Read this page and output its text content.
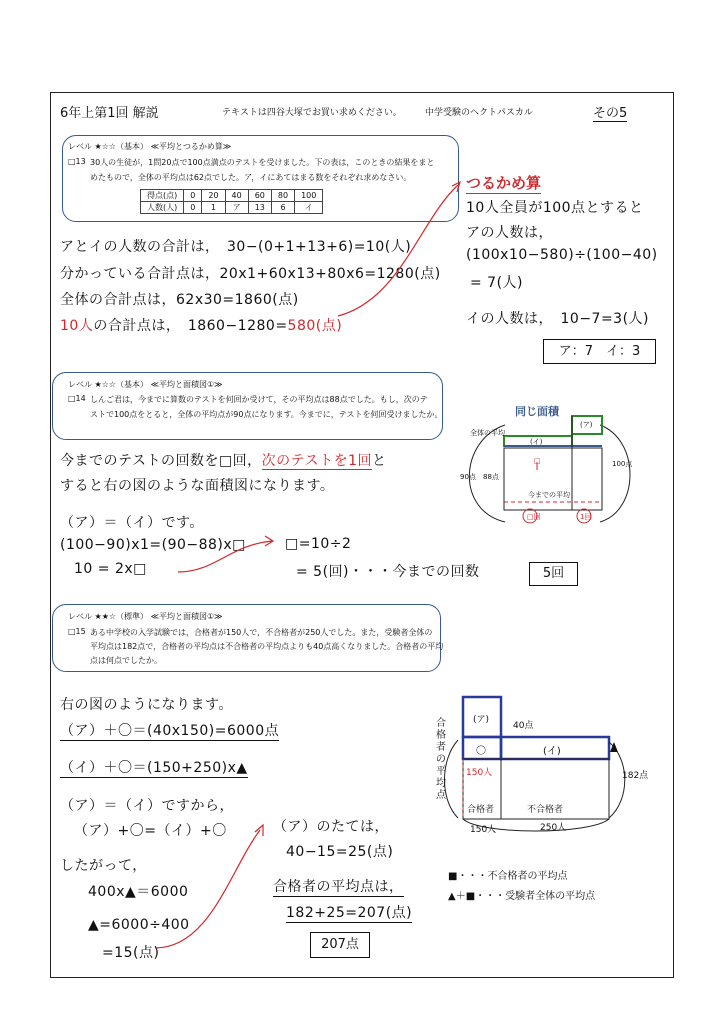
6年上第1回 解説	テキストは四谷大塚でお買い求めください。	中学受験のヘクトパスカル	その5
レベル ★☆☆（基本） ≪平均とつるかめ算≫
□13 30人の生徒が，1問20点で100点満点のテストを受けました。下の表は，このときの結果をまと
めたもので，全体の平均点は62点でした。ア，イにあてはまる数をそれぞれ求めなさい。
得点(点)	0	20	40	60	80	100
人数(人)	0	1	ア	13	6	イ
アとイの人数の合計は，　30−(0+1+13+6)=10(人)
分かっている合計点は，20x1+60x13+80x6=1280(点)
全体の合計点は，62x30=1860(点)
10人の合計点は，　1860−1280=580(点)
つるかめ算
10人全員が100点とすると
アの人数は，
(100x10−580)÷(100−40)
= 7(人)
イの人数は，　10−7=3(人)
ア：7　イ：3
レベル ★☆☆（基本） ≪平均と面積図①≫
□14 しんご君は，今までに算数のテストを何回か受けて，その平均点は88点でした。もし，次のテ
ストで100点をとると，全体の平均点が90点になります。今までに，テストを何回受けましたか。
今までのテストの回数を□回，次のテストを1回と
すると右の図のような面積図になります。
（ア）＝（イ）です。
(100−90)x1=(90−88)x□
10 = 2x□
□=10÷2
= 5(回)・・・今までの回数	5回
同じ面積
全体の平均
(イ)
(ア)
90点 88点
100点
今までの平均
□
□回	1回
レベル ★★☆（標準） ≪平均と面積図①≫
□15 ある中学校の入学試験では，合格者が150人で，不合格者が250人でした。また，受験者全体の
平均点は182点で，合格者の平均点は不合格者の平均点よりも40点高くなりました。合格者の平均
点は何点でしたか。
右の図のようになります。
（ア）＋〇＝(40x150)=6000点
（イ）＋〇＝(150+250)x▲
（ア）＝（イ）ですから，
（ア）+〇=（イ）+〇
したがって，
400x▲＝6000
▲=6000÷400
=15(点)
（ア）のたては，
40−15=25(点)
合格者の平均点は，
182+25=207(点)
207点
(ア)
40点
〇	(イ)
合格者の平均点
150人	182点
合格者	不合格者
150人	250人
■・・・不合格者の平均点
▲＋■・・・受験者全体の平均点
